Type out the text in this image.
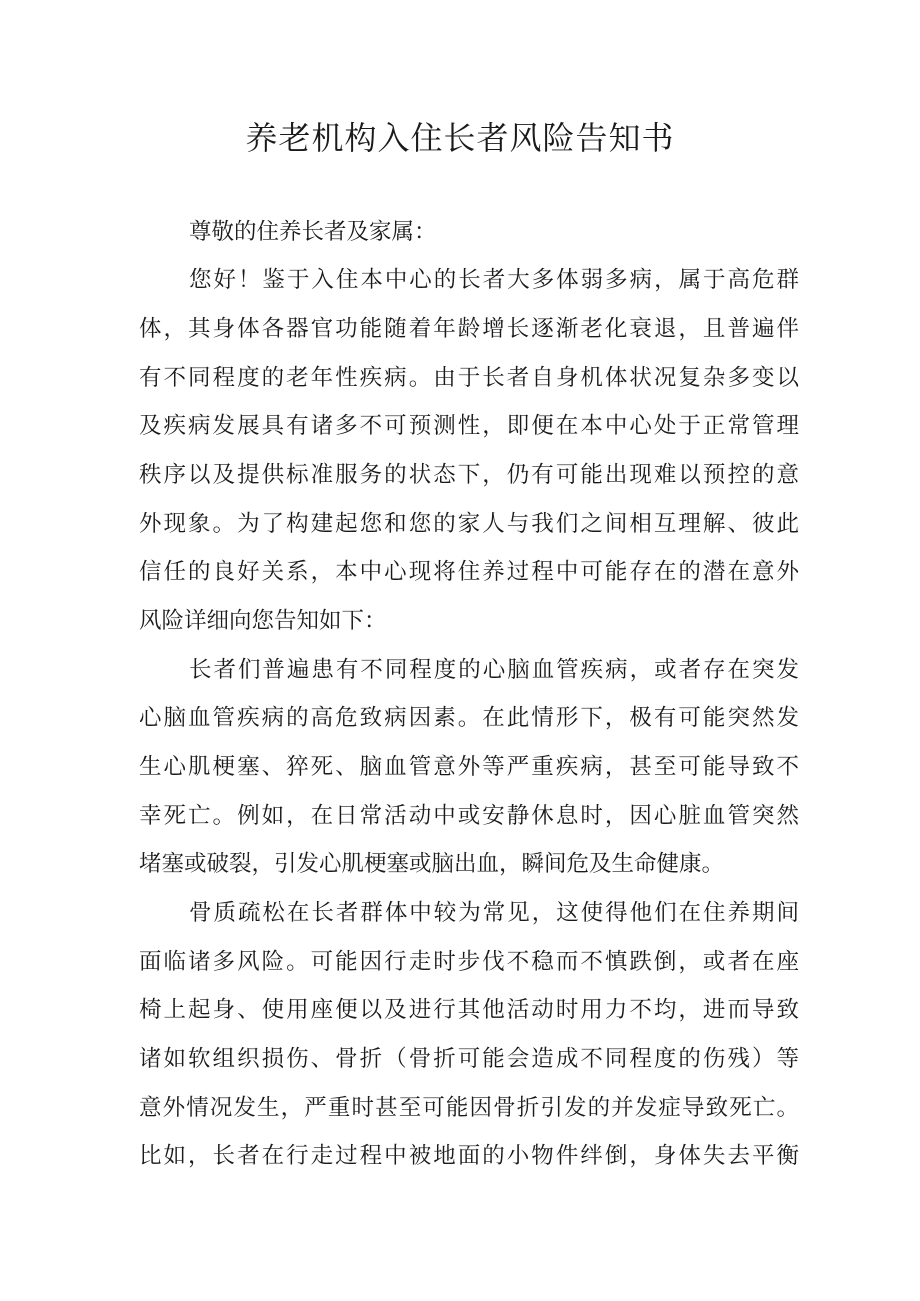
养老机构入住长者风险告知书
尊敬的住养长者及家属：
您好！鉴于入住本中心的长者大多体弱多病，属于高危群
体，其身体各器官功能随着年龄增长逐渐老化衰退，且普遍伴
有不同程度的老年性疾病。由于长者自身机体状况复杂多变以
及疾病发展具有诸多不可预测性，即便在本中心处于正常管理
秩序以及提供标准服务的状态下，仍有可能出现难以预控的意
外现象。为了构建起您和您的家人与我们之间相互理解、彼此
信任的良好关系，本中心现将住养过程中可能存在的潜在意外
风险详细向您告知如下：
长者们普遍患有不同程度的心脑血管疾病，或者存在突发
心脑血管疾病的高危致病因素。在此情形下，极有可能突然发
生心肌梗塞、猝死、脑血管意外等严重疾病，甚至可能导致不
幸死亡。例如，在日常活动中或安静休息时，因心脏血管突然
堵塞或破裂，引发心肌梗塞或脑出血，瞬间危及生命健康。
骨质疏松在长者群体中较为常见，这使得他们在住养期间
面临诸多风险。可能因行走时步伐不稳而不慎跌倒，或者在座
椅上起身、使用座便以及进行其他活动时用力不均，进而导致
诸如软组织损伤、骨折（骨折可能会造成不同程度的伤残）等
意外情况发生，严重时甚至可能因骨折引发的并发症导致死亡。
比如，长者在行走过程中被地面的小物件绊倒，身体失去平衡
